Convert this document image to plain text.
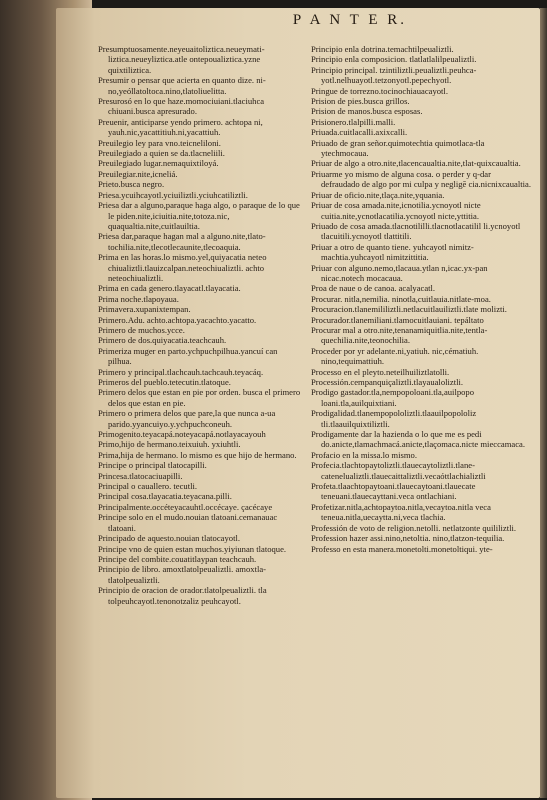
P A N T E R.

Presumptuosamente.neyeuaitoliztica.neueymati-liztica.neueyliztica.atle ontepoualiztica.yzne quixtiliztica.

Presumir o pensar que acierta en quanto dize. ni-no,yeóllatoltoca.nino,tlatoliuelitta.

Presurosó en lo que haze.momociuiani.tlaciuhca chiuani.busca apresurado.

Preuenir, anticiparse yendo primero. achtopa ni, yauh.nic,yacattitiuh.ni,yacattiuh.

Preuilegio ley para vno.teicneliloni.

Preuilegiado a quien se da.tlacneliili.

Preuilegiado lugar.nemaquixtiloyá.

Preuilegiar.nite,icneliá.

Prieto.busca negro.

Priesa.ycuihcayotl.yciuiliztli.yciuhcatiliztli.

Priesa dar a alguno,paraque haga algo, o paraque de lo que le piden.nite,iciuitia.nite,totoza.nic, quaqualtia.nite,cuitlauiltia.

Priesa dar,paraque hagan mal a alguno.nite,tlato-tochilia.nite,tlecotlecaunite,tlecoaquia.

Prima en las horas.lo mismo.yel,quiyacatia neteo chiualiztli.tlauizcalpan.neteochiualiztli. achto neteochiualiztli.

Prima en cada genero.tlayacatl.tlayacatia.

Prima noche.tlapoyaua.

Primavera.xupanixtempan.

Primero.Adu. achto.achtopa.yacachto.yacatto.

Primero de muchos.ycce.

Primero de dos.quiyacatia.teachcauh.

Primeriza muger en parto.ychpuchpilhua.yancuí can pilhua.

Primero y principal.tlachcauh.tachcauh.teyacáq.

Primeros del pueblo.tetecutin.tlatoque.

Primero delos que estan en pie por orden. busca el primero delos que estan en pie.

Primero o primera delos que pare,la que nunca a-ua parido.yyancuiyo.y.ychpuchconeuh.

Primogenito.teyacapá.noteyacapá.notlayacayouh

Primo,hijo de hermano.teixuiuh. yxiuhtli.

Prima,hija de hermano. lo mismo es que hijo de hermano.

Principe o principal tlatocapilli.

Princesa.tlatocaciuapilli.

Principal o cauallero. tecutli.

Principal cosa.tlayacatia.teyacana.pilli.

Principalmente.occéteyacauhtl.occécaye. çacécaye

Principe solo en el mudo.nouian tlatoani.cemanauac tlatoani.

Principado de aquesto.nouian tlatocayotl.

Principe vno de quien estan muchos.yiyiunan tlatoque.

Principe del combite.couatitlaypan teachcauh.

Principio de libro. amoxtlatolpeualiztli. amoxtla-tlatolpeualiztli.

Principio de oracion de orador.tlatolpeualiztli. tla tolpeuhcayotl.tenonotzaliz peuhcayotl.

Principio enla dotrina.temachtilpeualiztli.

Principio enla composicion. tlatlatlalilpeualiztli.

Principio principal. tzintiliztli.peualiztli.peuhca-yotl.nelhuayotl.tetzonyotl.pepechyotl.

Pringue de torrezno.tocinochiauacayotl.

Prision de pies.busca grillos.

Prision de manos.busca esposas.

Prisionero.tlalpilli.malli.

Priuada.cuitlacalli.axixcalli.

Priuado de gran señor.quimotechtia quimotlaca-tla ytechmocaua.

Priuar de algo a otro.nite,tlacencaualtia.nite,tlat-quixcaualtia.

Priuarme yo mismo de alguna cosa. o perder y q-dar defraudado de algo por mi culpa y negligē cia.nicnixcaualtia.

Priuar de oficio.nite,tlaça.nite,yquania.

Priuar de cosa amada.nite,icnotilia.ycnoyotl nicte cuitia.nite,ycnotlacatilia.ycnoyotl nicte,yttitia.

Priuado de cosa amada.tlacnotililli.tlacnotlacatilil li.ycnoyotl tlacuitili.ycnoyotl tlattitili.

Priuar a otro de quanto tiene. yuhcayotl nimitz-machtia.yuhcayotl nimitzittitia.

Priuar con alguno.nemo,tlacaua.ytlan n,icac.yx-pan nicac.notech mocacaua.

Proa de naue o de canoa. acalyacatl.

Procurar. nitla,nemilia. ninotla,cuitlauia.nitlate-moa.

Procuracion.tlanemililiztli.netlacuitlauiliztli.tlate molizti.

Procurador.tlanemiliani.tlamocuitlauiani. tepáltato

Procurar mal a otro.nite,tenanamiquitlia.nite,tentla-quechilia.nite,teonochilia.

Proceder por yr adelante.ni,yatiuh. nic,cématiuh. nino,tequimattiuh.

Processo en el pleyto.neteilhuiliztlatolli.

Processión.cempanquiçaliztli.tlayaualoliztli.

Prodigo gastador.tla,nempopoloani.tla,auilpopo loani.tla,auilquixtiani.

Prodigalidad.tlanempopololiztli.tlaauilpopololiz tli.tlaauilquixtiliztli.

Prodigamente dar la hazienda o lo que me es pedi do.anicte,tlamachmacá.anicte,tlaçomaca.nicte mieccamaca.

Profacio en la missa.lo mismo.

Profecia.tlachtopaytoliztli.tlauecaytoliztli.tlane-catenelualiztli.tlauecaittaliztli.vecaóttlachializtli

Profeta.tlaachtopaytoani.tlauecaytoani.tlauecate teneuani.tlauecayttani.veca ontlachiani.

Profetizar.nitla,achtopaytoa.nitla,vecaytoa.nitla veca teneua.nitla,uecaytta.ni,veca tlachia.

Professión de voto de religion.netolli. netlatzonte quililiztli.

Profession hazer assi.nino,netoltia. nino,tlatzon-tequilia.

Professo en esta manera.monetolti.monetoltiqui. yte-
